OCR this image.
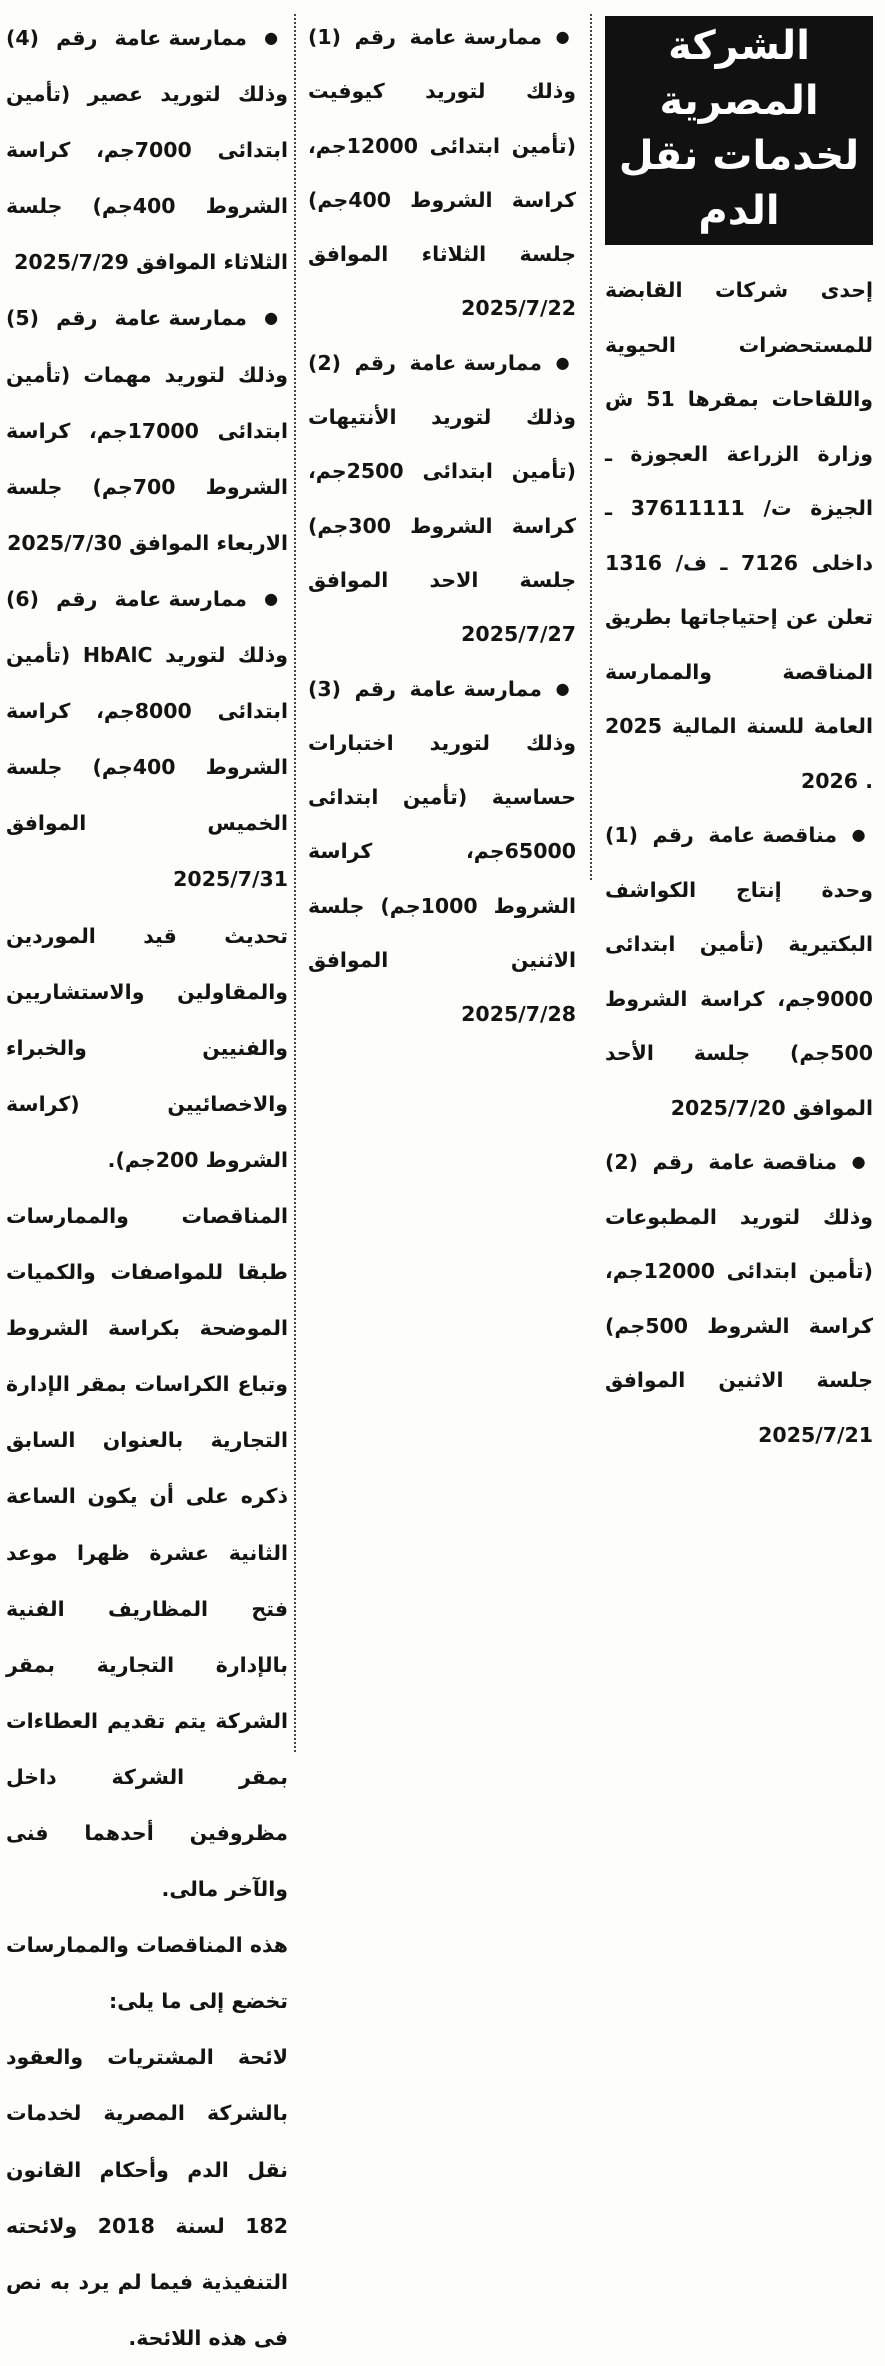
الشركة المصرية
لخدمات نقل الدم

إحدى شركات القابضة للمستحضرات الحيوية واللقاحات بمقرها 51 ش وزارة الزراعة العجوزة ـ الجيزة ت/ 37611111 ـ داخلى 7126 ـ ف/ 1316 تعلن عن إحتياجاتها بطريق المناقصة والممارسة العامة للسنة المالية 2025 . 2026

● مناقصة عامة رقم (1) وحدة إنتاج الكواشف البكتيرية (تأمين ابتدائى 9000جم، كراسة الشروط 500جم) جلسة الأحد الموافق 2025/7/20

● مناقصة عامة رقم (2) وذلك لتوريد المطبوعات (تأمين ابتدائى 12000جم، كراسة الشروط 500جم) جلسة الاثنين الموافق 2025/7/21

● ممارسة عامة رقم (1) وذلك لتوريد كيوفيت (تأمين ابتدائى 12000جم، كراسة الشروط 400جم) جلسة الثلاثاء الموافق 2025/7/22

● ممارسة عامة رقم (2) وذلك لتوريد الأنتيهات (تأمين ابتدائى 2500جم، كراسة الشروط 300جم) جلسة الاحد الموافق 2025/7/27

● ممارسة عامة رقم (3) وذلك لتوريد اختبارات حساسية (تأمين ابتدائى 65000جم، كراسة الشروط 1000جم) جلسة الاثنين الموافق 2025/7/28

● ممارسة عامة رقم (4) وذلك لتوريد عصير (تأمين ابتدائى 7000جم، كراسة الشروط 400جم) جلسة الثلاثاء الموافق 2025/7/29

● ممارسة عامة رقم (5) وذلك لتوريد مهمات (تأمين ابتدائى 17000جم، كراسة الشروط 700جم) جلسة الاربعاء الموافق 2025/7/30

● ممارسة عامة رقم (6) وذلك لتوريد HbAlC (تأمين ابتدائى 8000جم، كراسة الشروط 400جم) جلسة الخميس الموافق 2025/7/31

تحديث قيد الموردين والمقاولين والاستشاريين والفنيين والخبراء والاخصائيين (كراسة الشروط 200جم).

المناقصات والممارسات طبقا للمواصفات والكميات الموضحة بكراسة الشروط وتباع الكراسات بمقر الإدارة التجارية بالعنوان السابق ذكره على أن يكون الساعة الثانية عشرة ظهرا موعد فتح المظاريف الفنية بالإدارة التجارية بمقر الشركة يتم تقديم العطاءات بمقر الشركة داخل مظروفين أحدهما فنى والآخر مالى.

هذه المناقصات والممارسات تخضع إلى ما يلى:

لائحة المشتريات والعقود بالشركة المصرية لخدمات نقل الدم وأحكام القانون 182 لسنة 2018 ولائحته التنفيذية فيما لم يرد به نص فى هذه اللائحة.
